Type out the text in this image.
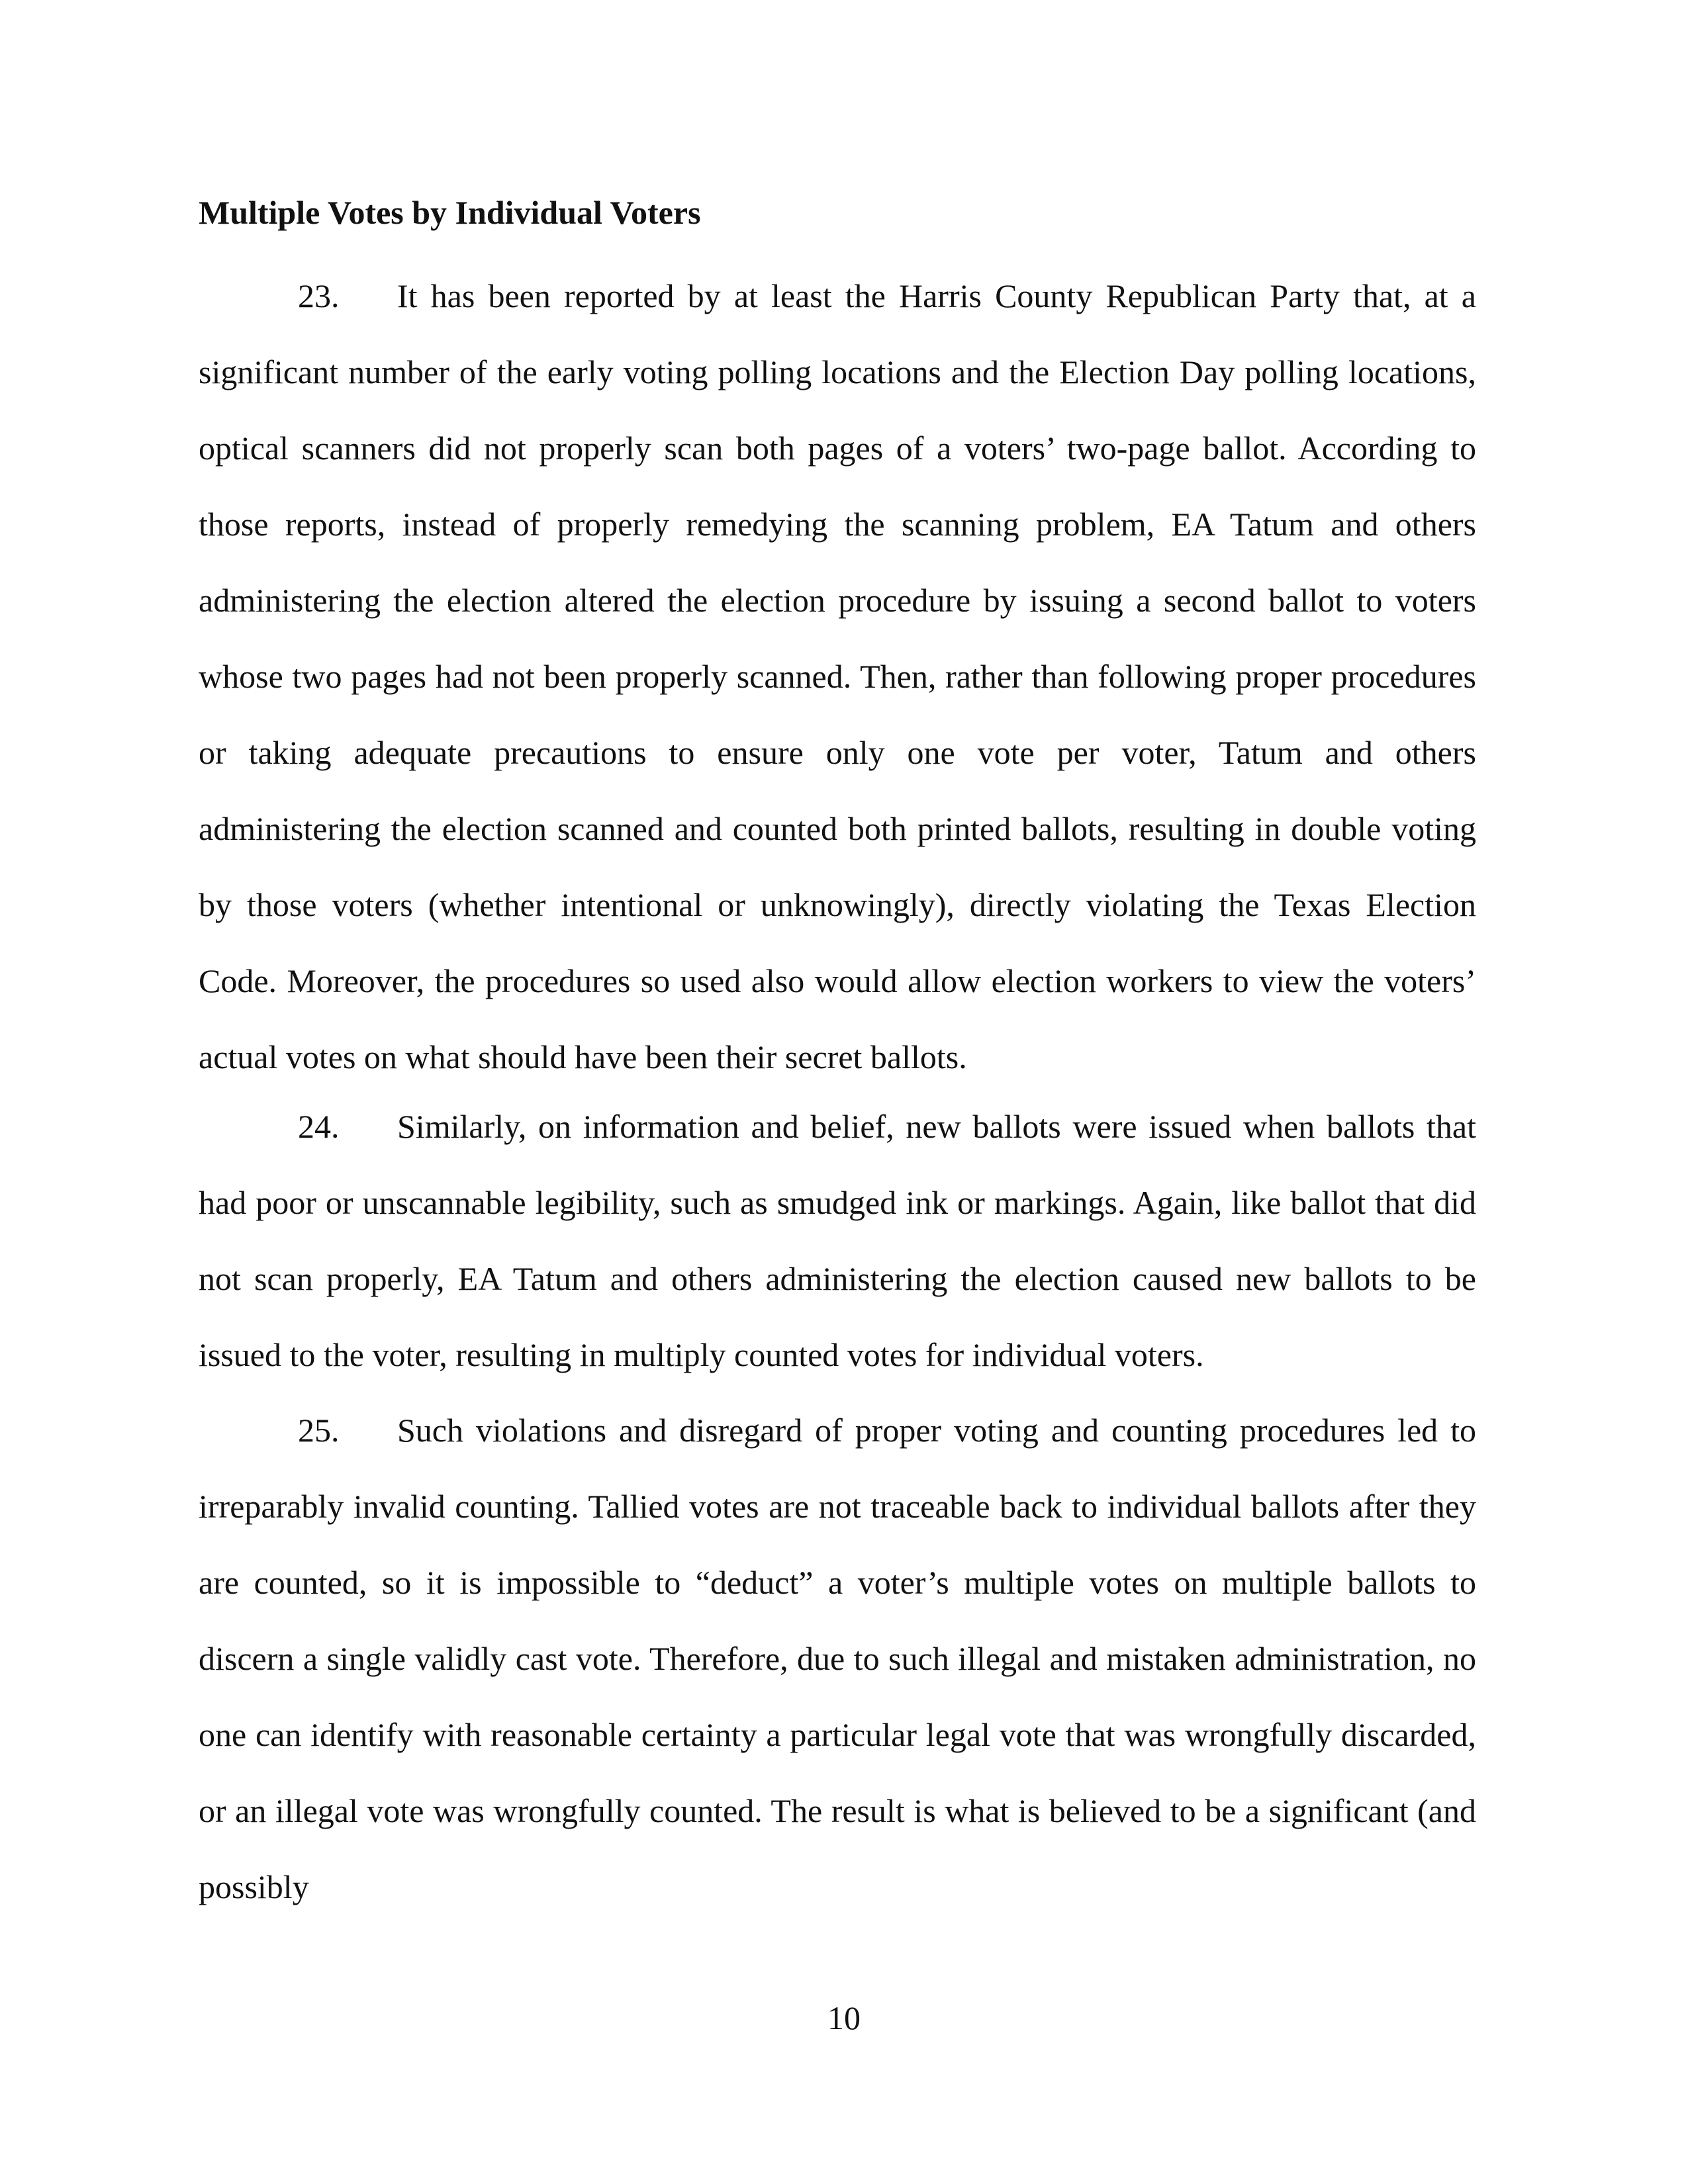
Multiple Votes by Individual Voters

23. It has been reported by at least the Harris County Republican Party that, at a significant number of the early voting polling locations and the Election Day polling locations, optical scanners did not properly scan both pages of a voters’ two-page ballot. According to those reports, instead of properly remedying the scanning problem, EA Tatum and others administering the election altered the election procedure by issuing a second ballot to voters whose two pages had not been properly scanned. Then, rather than following proper procedures or taking adequate precautions to ensure only one vote per voter, Tatum and others administering the election scanned and counted both printed ballots, resulting in double voting by those voters (whether intentional or unknowingly), directly violating the Texas Election Code. Moreover, the procedures so used also would allow election workers to view the voters’ actual votes on what should have been their secret ballots.

24. Similarly, on information and belief, new ballots were issued when ballots that had poor or unscannable legibility, such as smudged ink or markings. Again, like ballot that did not scan properly, EA Tatum and others administering the election caused new ballots to be issued to the voter, resulting in multiply counted votes for individual voters.

25. Such violations and disregard of proper voting and counting procedures led to irreparably invalid counting. Tallied votes are not traceable back to individual ballots after they are counted, so it is impossible to “deduct” a voter’s multiple votes on multiple ballots to discern a single validly cast vote. Therefore, due to such illegal and mistaken administration, no one can identify with reasonable certainty a particular legal vote that was wrongfully discarded, or an illegal vote was wrongfully counted. The result is what is believed to be a significant (and possibly

10
